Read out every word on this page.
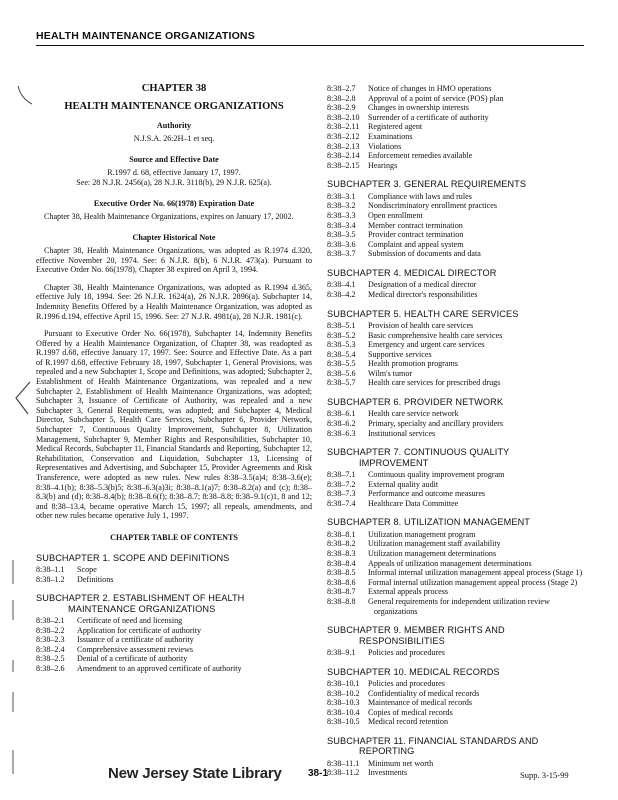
HEALTH MAINTENANCE ORGANIZATIONS
CHAPTER 38
HEALTH MAINTENANCE ORGANIZATIONS
Authority
N.J.S.A. 26:2H–1 et seq.
Source and Effective Date
R.1997 d. 68, effective January 17, 1997.
See: 28 N.J.R. 2456(a), 28 N.J.R. 3118(b), 29 N.J.R. 625(a).
Executive Order No. 66(1978) Expiration Date
Chapter 38, Health Maintenance Organizations, expires on January 17, 2002.
Chapter Historical Note
Chapter 38, Health Maintenance Organizations, was adopted as R.1974 d.320, effective November 20, 1974. See: 6 N.J.R. 8(b), 6 N.J.R. 473(a). Pursuant to Executive Order No. 66(1978), Chapter 38 expired on April 3, 1994.
Chapter 38, Health Maintenance Organizations, was adopted as R.1994 d.365, effective July 18, 1994. See: 26 N.J.R. 1624(a), 26 N.J.R. 2896(a). Subchapter 14, Indemnity Benefits Offered by a Health Maintenance Organization, was adopted as R.1996 d.194, effective April 15, 1996. See: 27 N.J.R. 4981(a), 28 N.J.R. 1981(c).
Pursuant to Executive Order No. 66(1978), Subchapter 14, Indemnity Benefits Offered by a Health Maintenance Organization, of Chapter 38, was readopted as R.1997 d.68, effective January 17, 1997. See: Source and Effective Date. As a part of R.1997 d.68, effective February 18, 1997, Subchapter 1, General Provisions, was repealed and a new Subchapter 1, Scope and Definitions, was adopted; Subchapter 2, Establishment of Health Maintenance Organizations, was repealed and a new Subchapter 2, Establishment of Health Maintenance Organizations, was adopted; Subchapter 3, Issuance of Certificate of Authority, was repealed and a new Subchapter 3, General Requirements, was adopted; and Subchapter 4, Medical Director, Subchapter 5, Health Care Services, Subchapter 6, Provider Network, Subchapter 7, Continuous Quality Improvement, Subchapter 8, Utilization Management, Subchapter 9, Member Rights and Responsibilities, Subchapter 10, Medical Records, Subchapter 11, Financial Standards and Reporting, Subchapter 12, Rehabilitation, Conservation and Liquidation, Subchapter 13, Licensing of Representatives and Advertising, and Subchapter 15, Provider Agreements and Risk Transference, were adopted as new rules. New rules 8:38–3.5(a)4; 8:38–3.6(e); 8:38–4.1(b); 8:38–5.3(b)5; 8:38–6.3(a)3i; 8:38–8.1(a)7; 8:38–8.2(a) and (c); 8:38–8.3(b) and (d); 8:38–8.4(b); 8:38–8.6(f); 8:38–8.7; 8:38–8.8; 8:38–9.1(c)1, 8 and 12; and 8:38–13.4, became operative March 15, 1997; all repeals, amendments, and other new rules became operative July 1, 1997.
CHAPTER TABLE OF CONTENTS
SUBCHAPTER 1. SCOPE AND DEFINITIONS
8:38–1.1	Scope
8:38–1.2	Definitions
SUBCHAPTER 2. ESTABLISHMENT OF HEALTH
MAINTENANCE ORGANIZATIONS
8:38–2.1	Certificate of need and licensing
8:38–2.2	Application for certificate of authority
8:38–2.3	Issuance of a certificate of authority
8:38–2.4	Comprehensive assessment reviews
8:38–2.5	Denial of a certificate of authority
8:38–2.6	Amendment to an approved certificate of authority
8:38–2.7	Notice of changes in HMO operations
8:38–2.8	Approval of a point of service (POS) plan
8:38–2.9	Changes in ownership interests
8:38–2.10	Surrender of a certificate of authority
8:38–2.11	Registered agent
8:38–2.12	Examinations
8:38–2.13	Violations
8:38–2.14	Enforcement remedies available
8:38–2.15	Hearings
SUBCHAPTER 3. GENERAL REQUIREMENTS
8:38–3.1	Compliance with laws and rules
8:38–3.2	Nondiscriminatory enrollment practices
8:38–3.3	Open enrollment
8:38–3.4	Member contract termination
8:38–3.5	Provider contract termination
8:38–3.6	Complaint and appeal system
8:38–3.7	Submission of documents and data
SUBCHAPTER 4. MEDICAL DIRECTOR
8:38–4.1	Designation of a medical director
8:38–4.2	Medical director's responsibilities
SUBCHAPTER 5. HEALTH CARE SERVICES
8:38–5.1	Provision of health care services
8:38–5.2	Basic comprehensive health care services
8:38–5.3	Emergency and urgent care services
8:38–5.4	Supportive services
8:38–5.5	Health promotion programs
8:38–5.6	Wilm's tumor
8:38–5.7	Health care services for prescribed drugs
SUBCHAPTER 6. PROVIDER NETWORK
8:38–6.1	Health care service network
8:38–6.2	Primary, specialty and ancillary providers
8:38–6.3	Institutional services
SUBCHAPTER 7. CONTINUOUS QUALITY
IMPROVEMENT
8:38–7.1	Continuous quality improvement program
8:38–7.2	External quality audit
8:38–7.3	Performance and outcome measures
8:38–7.4	Healthcare Data Committee
SUBCHAPTER 8. UTILIZATION MANAGEMENT
8:38–8.1	Utilization management program
8:38–8.2	Utilization management staff availability
8:38–8.3	Utilization management determinations
8:38–8.4	Appeals of utilization management determinations
8:38–8.5	Informal internal utilization management appeal process (Stage 1)
8:38–8.6	Formal internal utilization management appeal process (Stage 2)
8:38–8.7	External appeals process
8:38–8.8	General requirements for independent utilization review organizations
SUBCHAPTER 9. MEMBER RIGHTS AND
RESPONSIBILITIES
8:38–9.1	Policies and procedures
SUBCHAPTER 10. MEDICAL RECORDS
8:38–10.1	Policies and procedures
8:38–10.2	Confidentiality of medical records
8:38–10.3	Maintenance of medical records
8:38–10.4	Copies of medical records
8:38–10.5	Medical record retention
SUBCHAPTER 11. FINANCIAL STANDARDS AND
REPORTING
8:38–11.1	Minimum net worth
8:38–11.2	Investments
New Jersey State Library	38-1	Supp. 3-15-99
